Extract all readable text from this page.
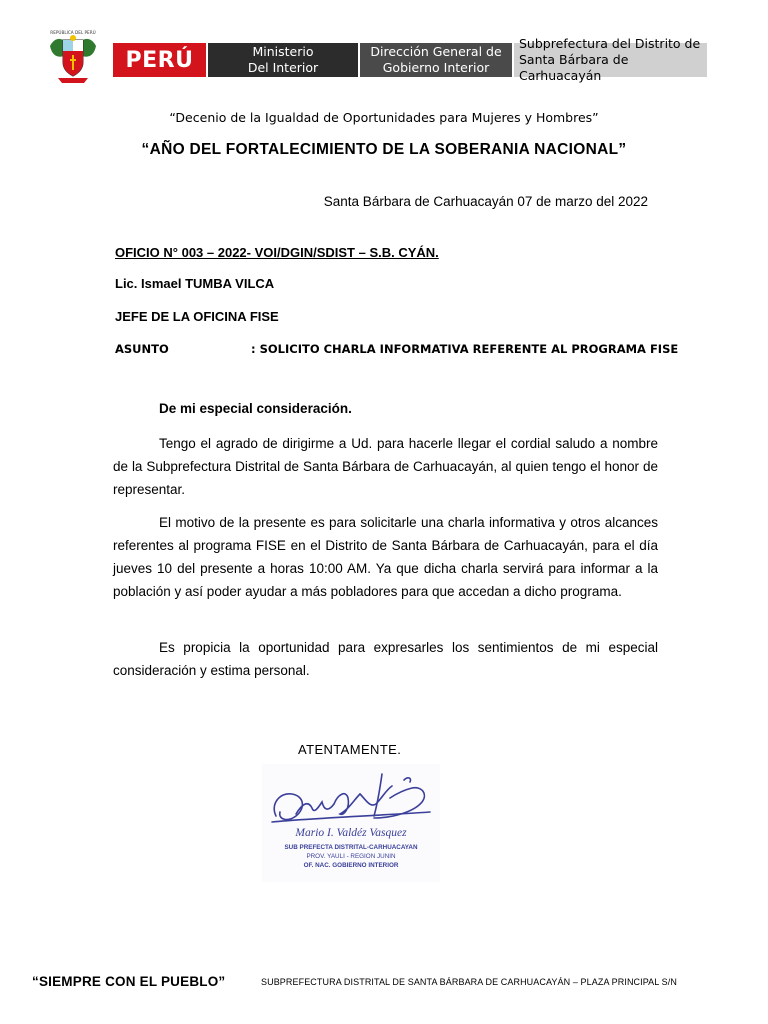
REPÚBLICA DEL PERÚ
PERÚ	Ministerio
Del Interior
Dirección General de
Gobierno Interior
Subprefectura del Distrito de
Santa Bárbara de Carhuacayán
“Decenio de la Igualdad de Oportunidades para Mujeres y Hombres”
“AÑO DEL FORTALECIMIENTO DE LA SOBERANIA NACIONAL”
Santa Bárbara de Carhuacayán 07 de marzo del 2022
OFICIO N° 003 – 2022- VOI/DGIN/SDIST – S.B. CYÁN.
Lic. Ismael TUMBA VILCA
JEFE DE LA OFICINA FISE
ASUNTO	: SOLICITO CHARLA INFORMATIVA REFERENTE AL PROGRAMA FISE
De mi especial consideración.

Tengo el agrado de dirigirme a Ud. para hacerle llegar el cordial saludo a nombre de la Subprefectura Distrital de Santa Bárbara de Carhuacayán, al quien tengo el honor de representar.

El motivo de la presente es para solicitarle una charla informativa y otros alcances referentes al programa FISE en el Distrito de Santa Bárbara de Carhuacayán, para el día jueves 10 del presente a horas 10:00 AM. Ya que dicha charla servirá para informar a la población y así poder ayudar a más pobladores para que accedan a dicho programa.

Es propicia la oportunidad para expresarles los sentimientos de mi especial consideración y estima personal.

ATENTAMENTE.
Mario I. Valdéz Vasquez
SUB PREFECTA DISTRITAL-CARHUACAYAN
PROV. YAULI - REGION JUNIN
OF. NAC. GOBIERNO INTERIOR
“SIEMPRE CON EL PUEBLO”	SUBPREFECTURA DISTRITAL DE SANTA BÁRBARA DE CARHUACAYÁN – PLAZA PRINCIPAL S/N
